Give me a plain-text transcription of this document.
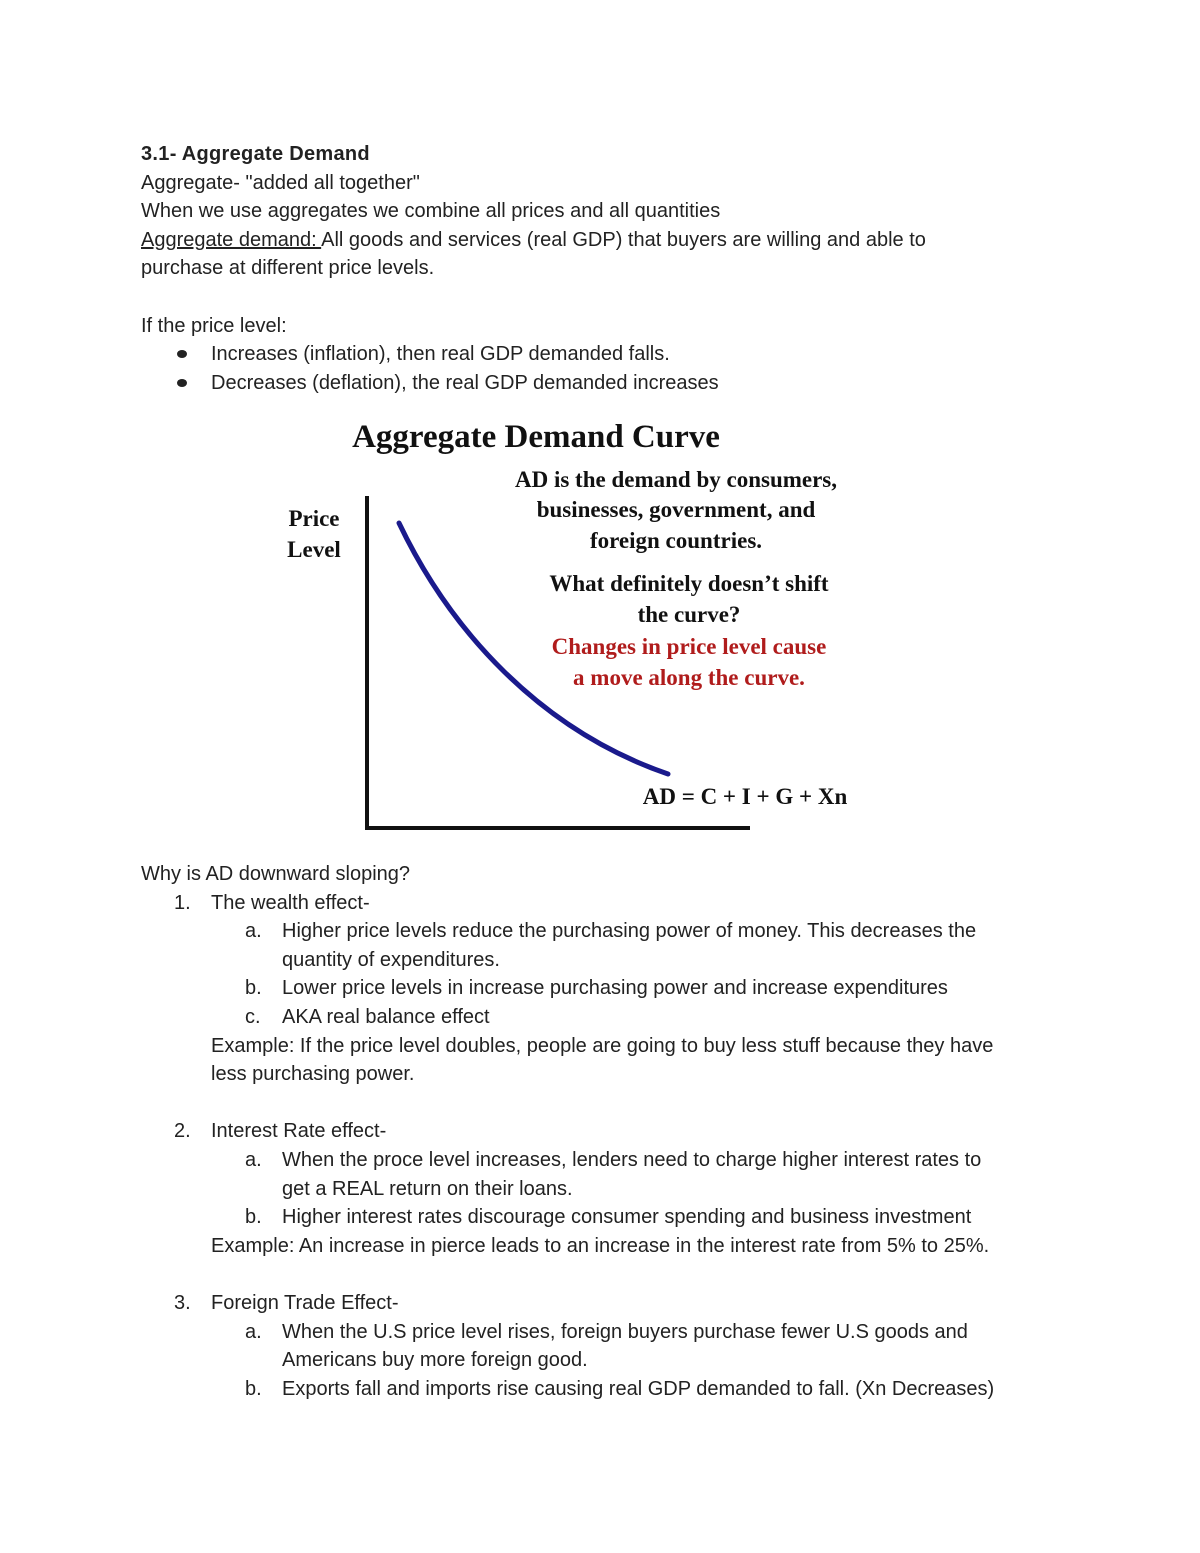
3.1- Aggregate Demand
Aggregate- "added all together"
When we use aggregates we combine all prices and all quantities
Aggregate demand: All goods and services (real GDP) that buyers are willing and able to
purchase at different price levels.
If the price level:
Increases (inflation), then real GDP demanded falls.
Decreases (deflation), the real GDP demanded increases
Aggregate Demand Curve
Price
Level
AD is the demand by consumers,
businesses, government, and
foreign countries.
What definitely doesn’t shift
the curve?
Changes in price level cause
a move along the curve.
AD = C + I + G + Xn
Why is AD downward sloping?
1. The wealth effect-
a. Higher price levels reduce the purchasing power of money. This decreases the
quantity of expenditures.
b. Lower price levels in increase purchasing power and increase expenditures
c. AKA real balance effect
Example: If the price level doubles, people are going to buy less stuff because they have
less purchasing power.
2. Interest Rate effect-
a. When the proce level increases, lenders need to charge higher interest rates to
get a REAL return on their loans.
b. Higher interest rates discourage consumer spending and business investment
Example: An increase in pierce leads to an increase in the interest rate from 5% to 25%.
3. Foreign Trade Effect-
a. When the U.S price level rises, foreign buyers purchase fewer U.S goods and
Americans buy more foreign good.
b. Exports fall and imports rise causing real GDP demanded to fall. (Xn Decreases)
